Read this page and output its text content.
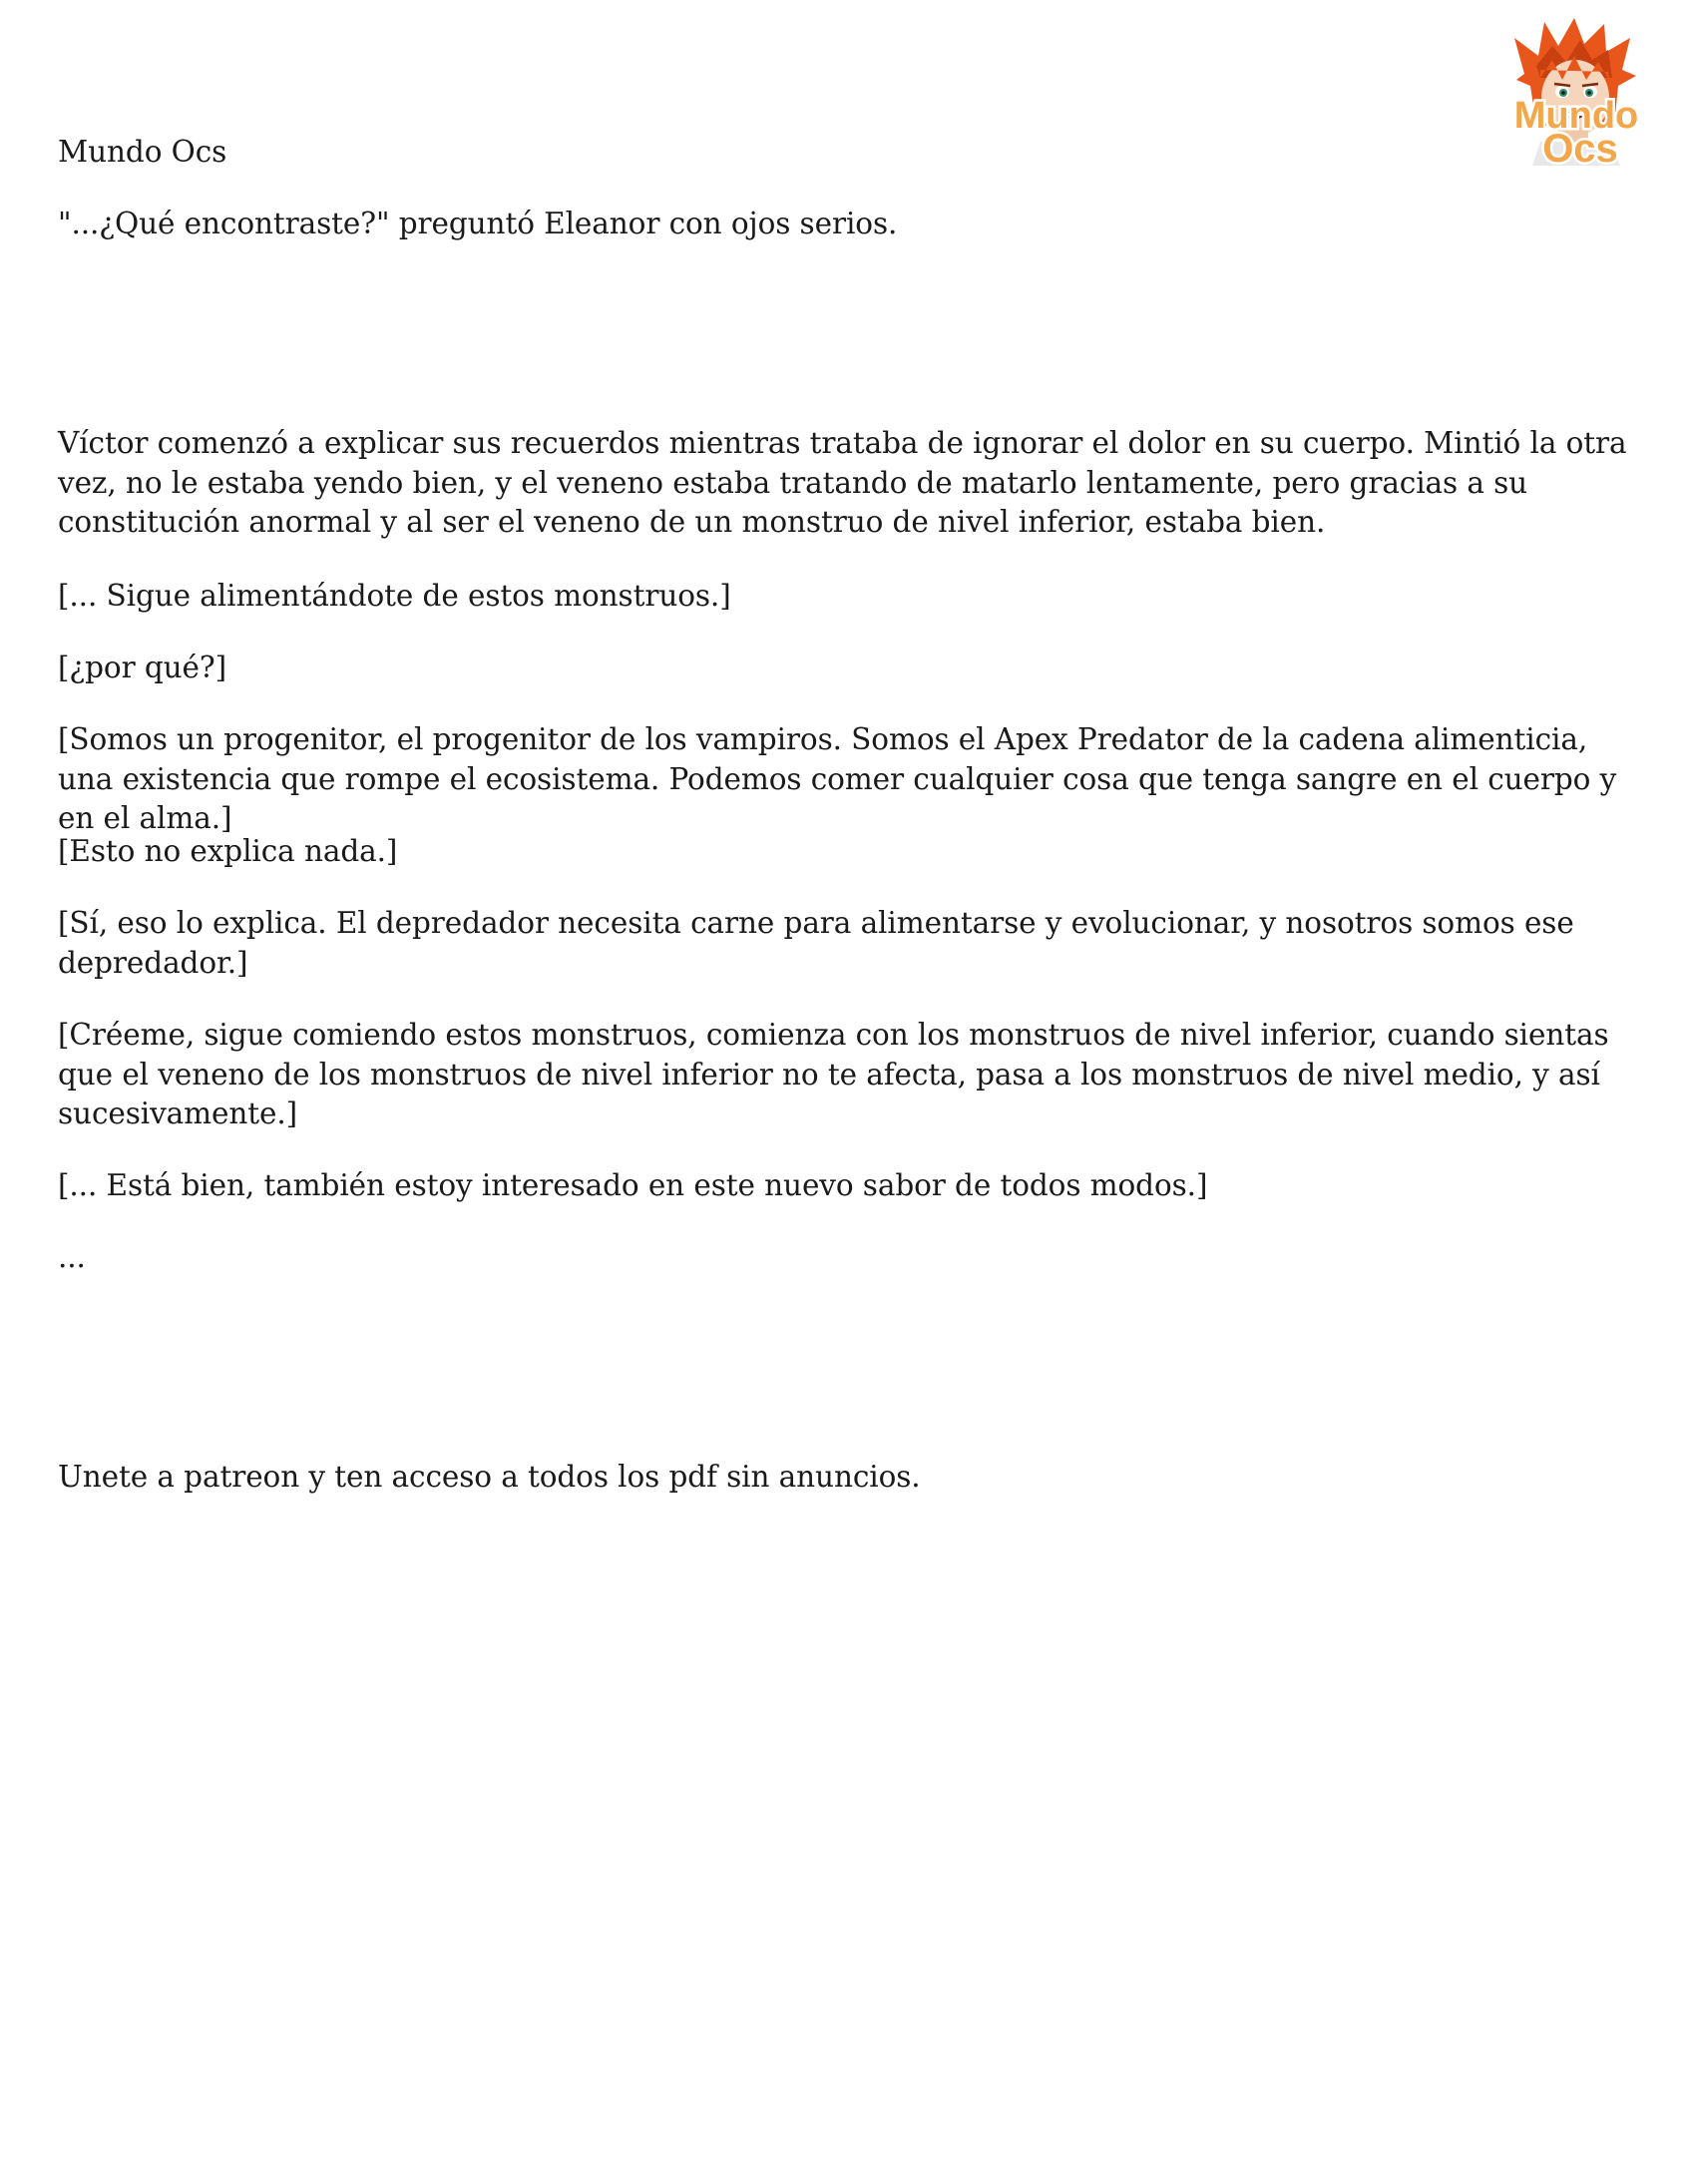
Mundo
Ocs

Mundo Ocs

"...¿Qué encontraste?" preguntó Eleanor con ojos serios.

Víctor comenzó a explicar sus recuerdos mientras trataba de ignorar el dolor en su cuerpo. Mintió la otra vez, no le estaba yendo bien, y el veneno estaba tratando de matarlo lentamente, pero gracias a su constitución anormal y al ser el veneno de un monstruo de nivel inferior, estaba bien.

[... Sigue alimentándote de estos monstruos.]

[¿por qué?]

[Somos un progenitor, el progenitor de los vampiros. Somos el Apex Predator de la cadena alimenticia, una existencia que rompe el ecosistema. Podemos comer cualquier cosa que tenga sangre en el cuerpo y en el alma.]

[Esto no explica nada.]

[Sí, eso lo explica. El depredador necesita carne para alimentarse y evolucionar, y nosotros somos ese depredador.]

[Créeme, sigue comiendo estos monstruos, comienza con los monstruos de nivel inferior, cuando sientas que el veneno de los monstruos de nivel inferior no te afecta, pasa a los monstruos de nivel medio, y así sucesivamente.]

[... Está bien, también estoy interesado en este nuevo sabor de todos modos.]

...

Unete a patreon y ten acceso a todos los pdf sin anuncios.
